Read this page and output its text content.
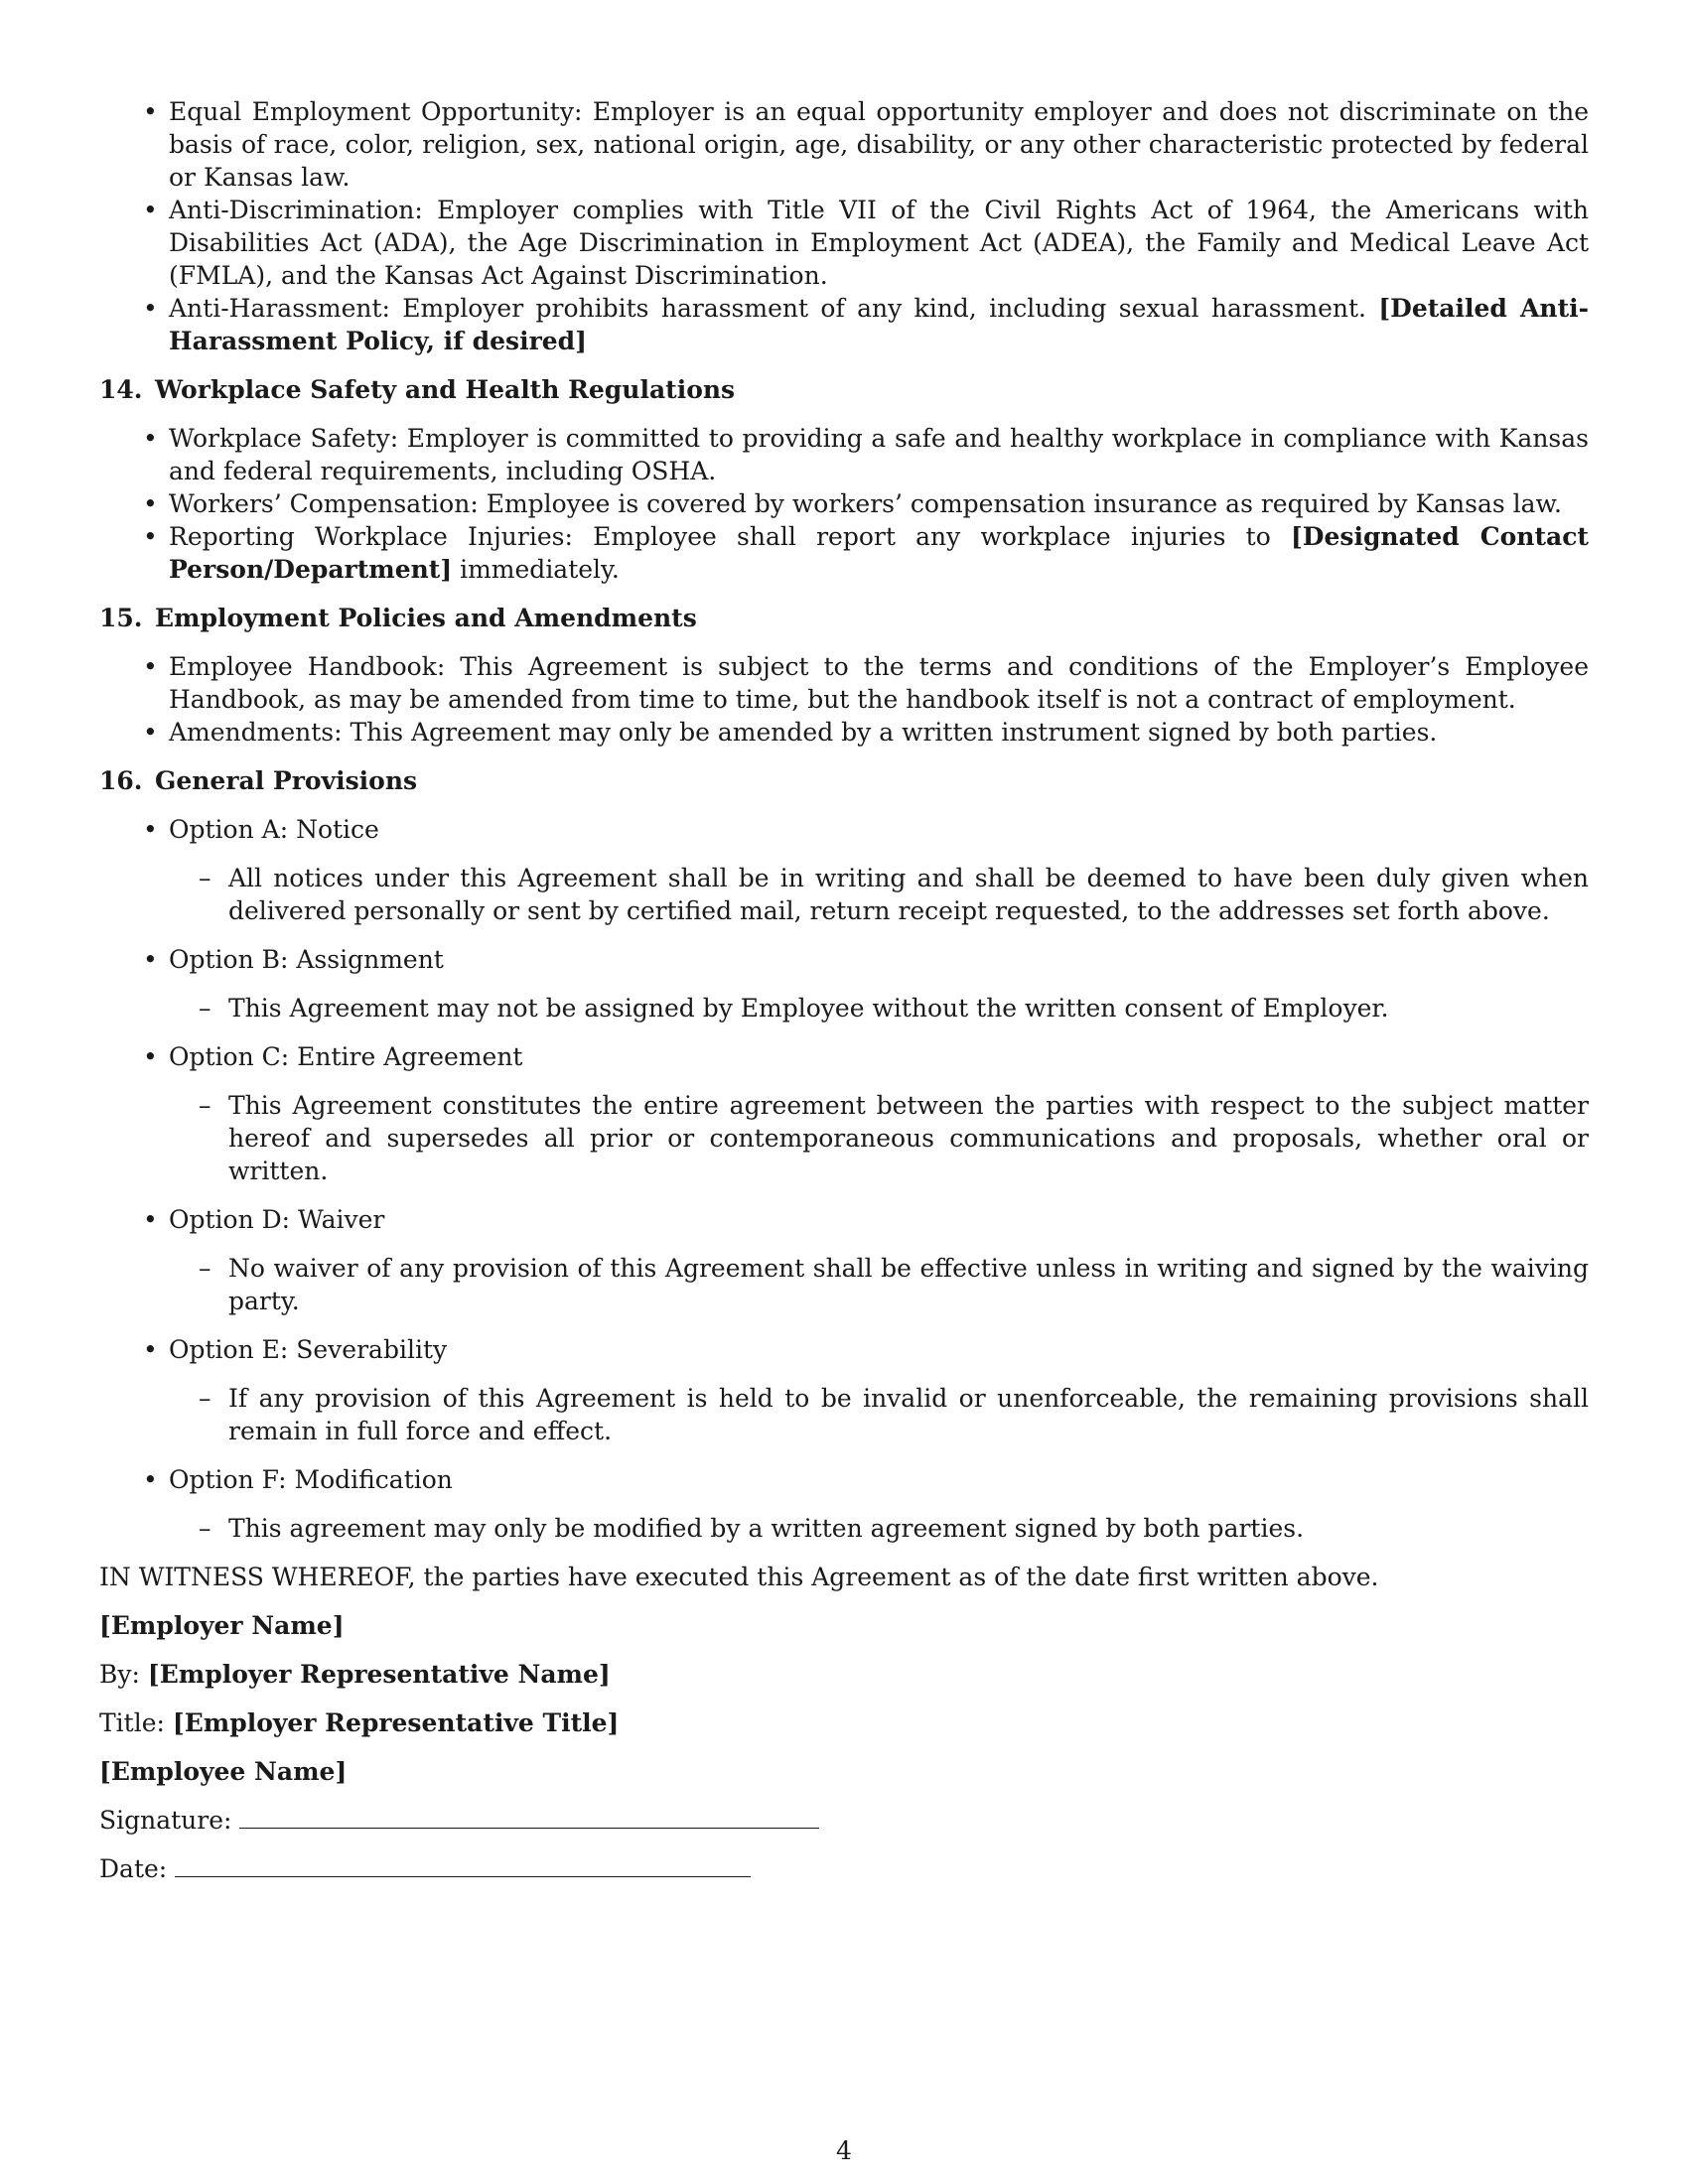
• Equal Employment Opportunity: Employer is an equal opportunity employer and does not discriminate on the basis of race, color, religion, sex, national origin, age, disability, or any other characteristic protected by federal or Kansas law.
• Anti-Discrimination: Employer complies with Title VII of the Civil Rights Act of 1964, the Americans with Disabilities Act (ADA), the Age Discrimination in Employment Act (ADEA), the Family and Medical Leave Act (FMLA), and the Kansas Act Against Discrimination.
• Anti-Harassment: Employer prohibits harassment of any kind, including sexual harassment. [Detailed Anti-Harassment Policy, if desired]
14. Workplace Safety and Health Regulations
• Workplace Safety: Employer is committed to providing a safe and healthy workplace in compliance with Kansas and federal requirements, including OSHA.
• Workers’ Compensation: Employee is covered by workers’ compensation insurance as required by Kansas law.
• Reporting Workplace Injuries: Employee shall report any workplace injuries to [Designated Contact Person/Department] immediately.
15. Employment Policies and Amendments
• Employee Handbook: This Agreement is subject to the terms and conditions of the Employer’s Employee Handbook, as may be amended from time to time, but the handbook itself is not a contract of employment.
• Amendments: This Agreement may only be amended by a written instrument signed by both parties.
16. General Provisions
• Option A: Notice
– All notices under this Agreement shall be in writing and shall be deemed to have been duly given when delivered personally or sent by certified mail, return receipt requested, to the addresses set forth above.
• Option B: Assignment
– This Agreement may not be assigned by Employee without the written consent of Employer.
• Option C: Entire Agreement
– This Agreement constitutes the entire agreement between the parties with respect to the subject matter hereof and supersedes all prior or contemporaneous communications and proposals, whether oral or written.
• Option D: Waiver
– No waiver of any provision of this Agreement shall be effective unless in writing and signed by the waiving party.
• Option E: Severability
– If any provision of this Agreement is held to be invalid or unenforceable, the remaining provisions shall remain in full force and effect.
• Option F: Modification
– This agreement may only be modified by a written agreement signed by both parties.

IN WITNESS WHEREOF, the parties have executed this Agreement as of the date first written above.

[Employer Name]

By: [Employer Representative Name]

Title: [Employer Representative Title]

[Employee Name]

Signature:

Date:

4
